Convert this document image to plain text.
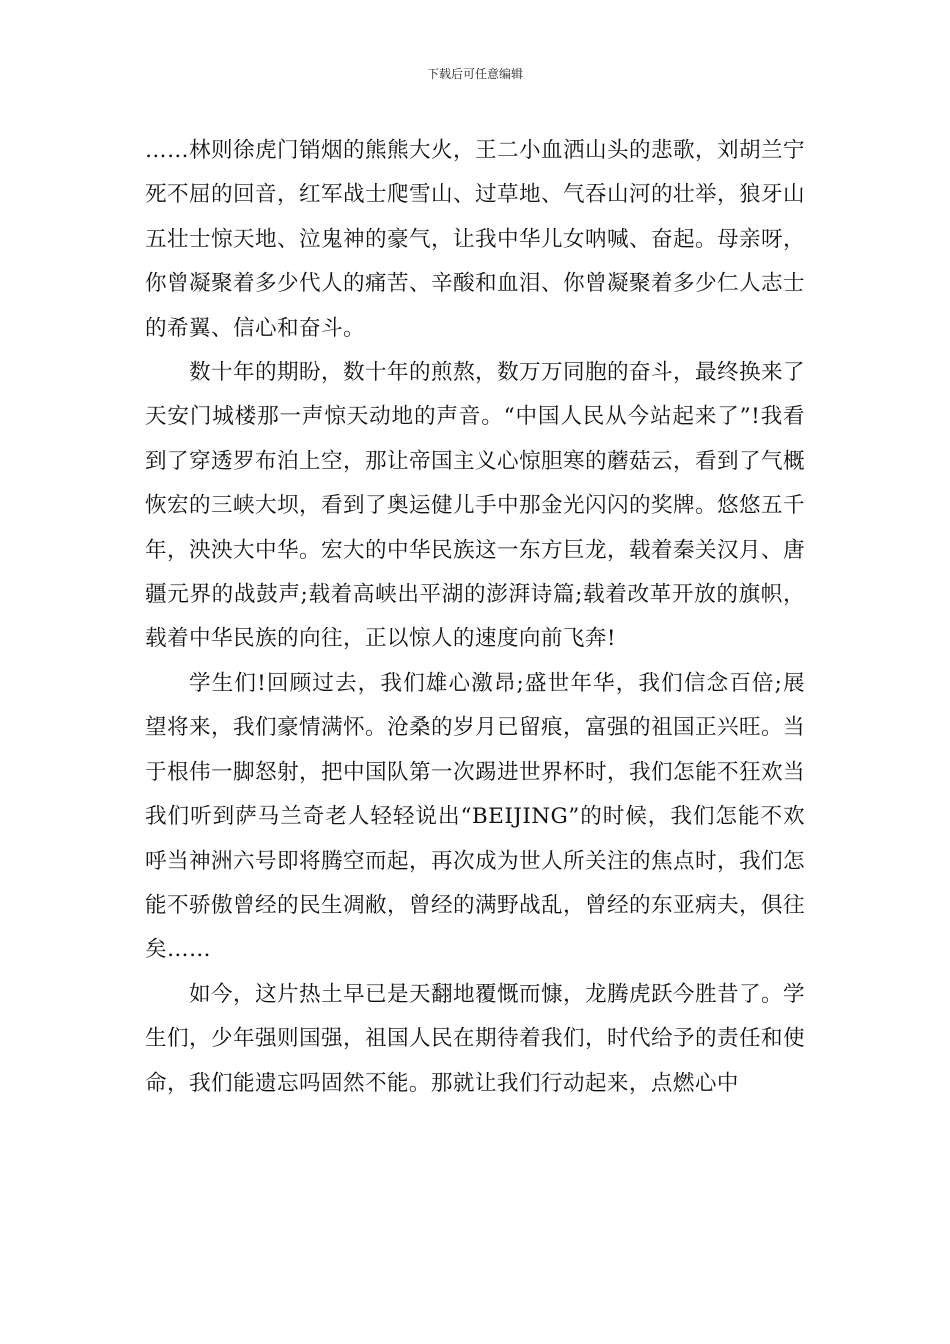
下载后可任意编辑

……林则徐虎门销烟的熊熊大火，王二小血洒山头的悲歌，刘胡兰宁死不屈的回音，红军战士爬雪山、过草地、气吞山河的壮举，狼牙山五壮士惊天地、泣鬼神的豪气，让我中华儿女呐喊、奋起。母亲呀，你曾凝聚着多少代人的痛苦、辛酸和血泪、你曾凝聚着多少仁人志士的希翼、信心和奋斗。

数十年的期盼，数十年的煎熬，数万万同胞的奋斗，最终换来了天安门城楼那一声惊天动地的声音。“中国人民从今站起来了”!我看到了穿透罗布泊上空，那让帝国主义心惊胆寒的蘑菇云，看到了气概恢宏的三峡大坝，看到了奥运健儿手中那金光闪闪的奖牌。悠悠五千年，泱泱大中华。宏大的中华民族这一东方巨龙，载着秦关汉月、唐疆元界的战鼓声;载着高峡出平湖的澎湃诗篇;载着改革开放的旗帜，载着中华民族的向往，正以惊人的速度向前飞奔!

学生们!回顾过去，我们雄心激昂;盛世年华，我们信念百倍;展望将来，我们豪情满怀。沧桑的岁月已留痕，富强的祖国正兴旺。当于根伟一脚怒射，把中国队第一次踢进世界杯时，我们怎能不狂欢当我们听到萨马兰奇老人轻轻说出“BEIJING”的时候，我们怎能不欢呼当神洲六号即将腾空而起，再次成为世人所关注的焦点时，我们怎能不骄傲曾经的民生凋敝，曾经的满野战乱，曾经的东亚病夫，俱往矣……

如今，这片热土早已是天翻地覆慨而慷，龙腾虎跃今胜昔了。学生们，少年强则国强，祖国人民在期待着我们，时代给予的责任和使命，我们能遗忘吗固然不能。那就让我们行动起来，点燃心中
